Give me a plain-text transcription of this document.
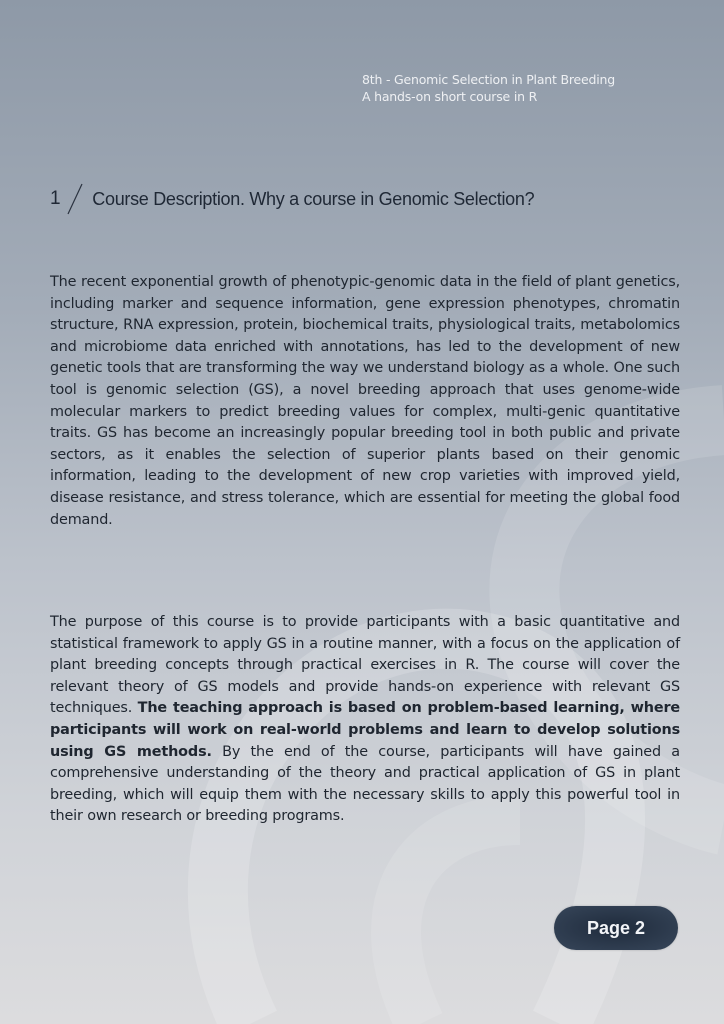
8th - Genomic Selection in Plant Breeding
A hands-on short course in R
1 Course Description. Why a course in Genomic Selection?
The recent exponential growth of phenotypic-genomic data in the field of plant genetics, including marker and sequence information, gene expression phenotypes, chromatin structure, RNA expression, protein, biochemical traits, physiological traits, metabolomics and microbiome data enriched with annotations, has led to the development of new genetic tools that are transforming the way we understand biology as a whole. One such tool is genomic selection (GS), a novel breeding approach that uses genome-wide molecular markers to predict breeding values for complex, multi-genic quantitative traits. GS has become an increasingly popular breeding tool in both public and private sectors, as it enables the selection of superior plants based on their genomic information, leading to the development of new crop varieties with improved yield, disease resistance, and stress tolerance, which are essential for meeting the global food demand.
The purpose of this course is to provide participants with a basic quantitative and statistical framework to apply GS in a routine manner, with a focus on the application of plant breeding concepts through practical exercises in R. The course will cover the relevant theory of GS models and provide hands-on experience with relevant GS techniques. The teaching approach is based on problem-based learning, where participants will work on real-world problems and learn to develop solutions using GS methods. By the end of the course, participants will have gained a comprehensive understanding of the theory and practical application of GS in plant breeding, which will equip them with the necessary skills to apply this powerful tool in their own research or breeding programs.
Page 2
